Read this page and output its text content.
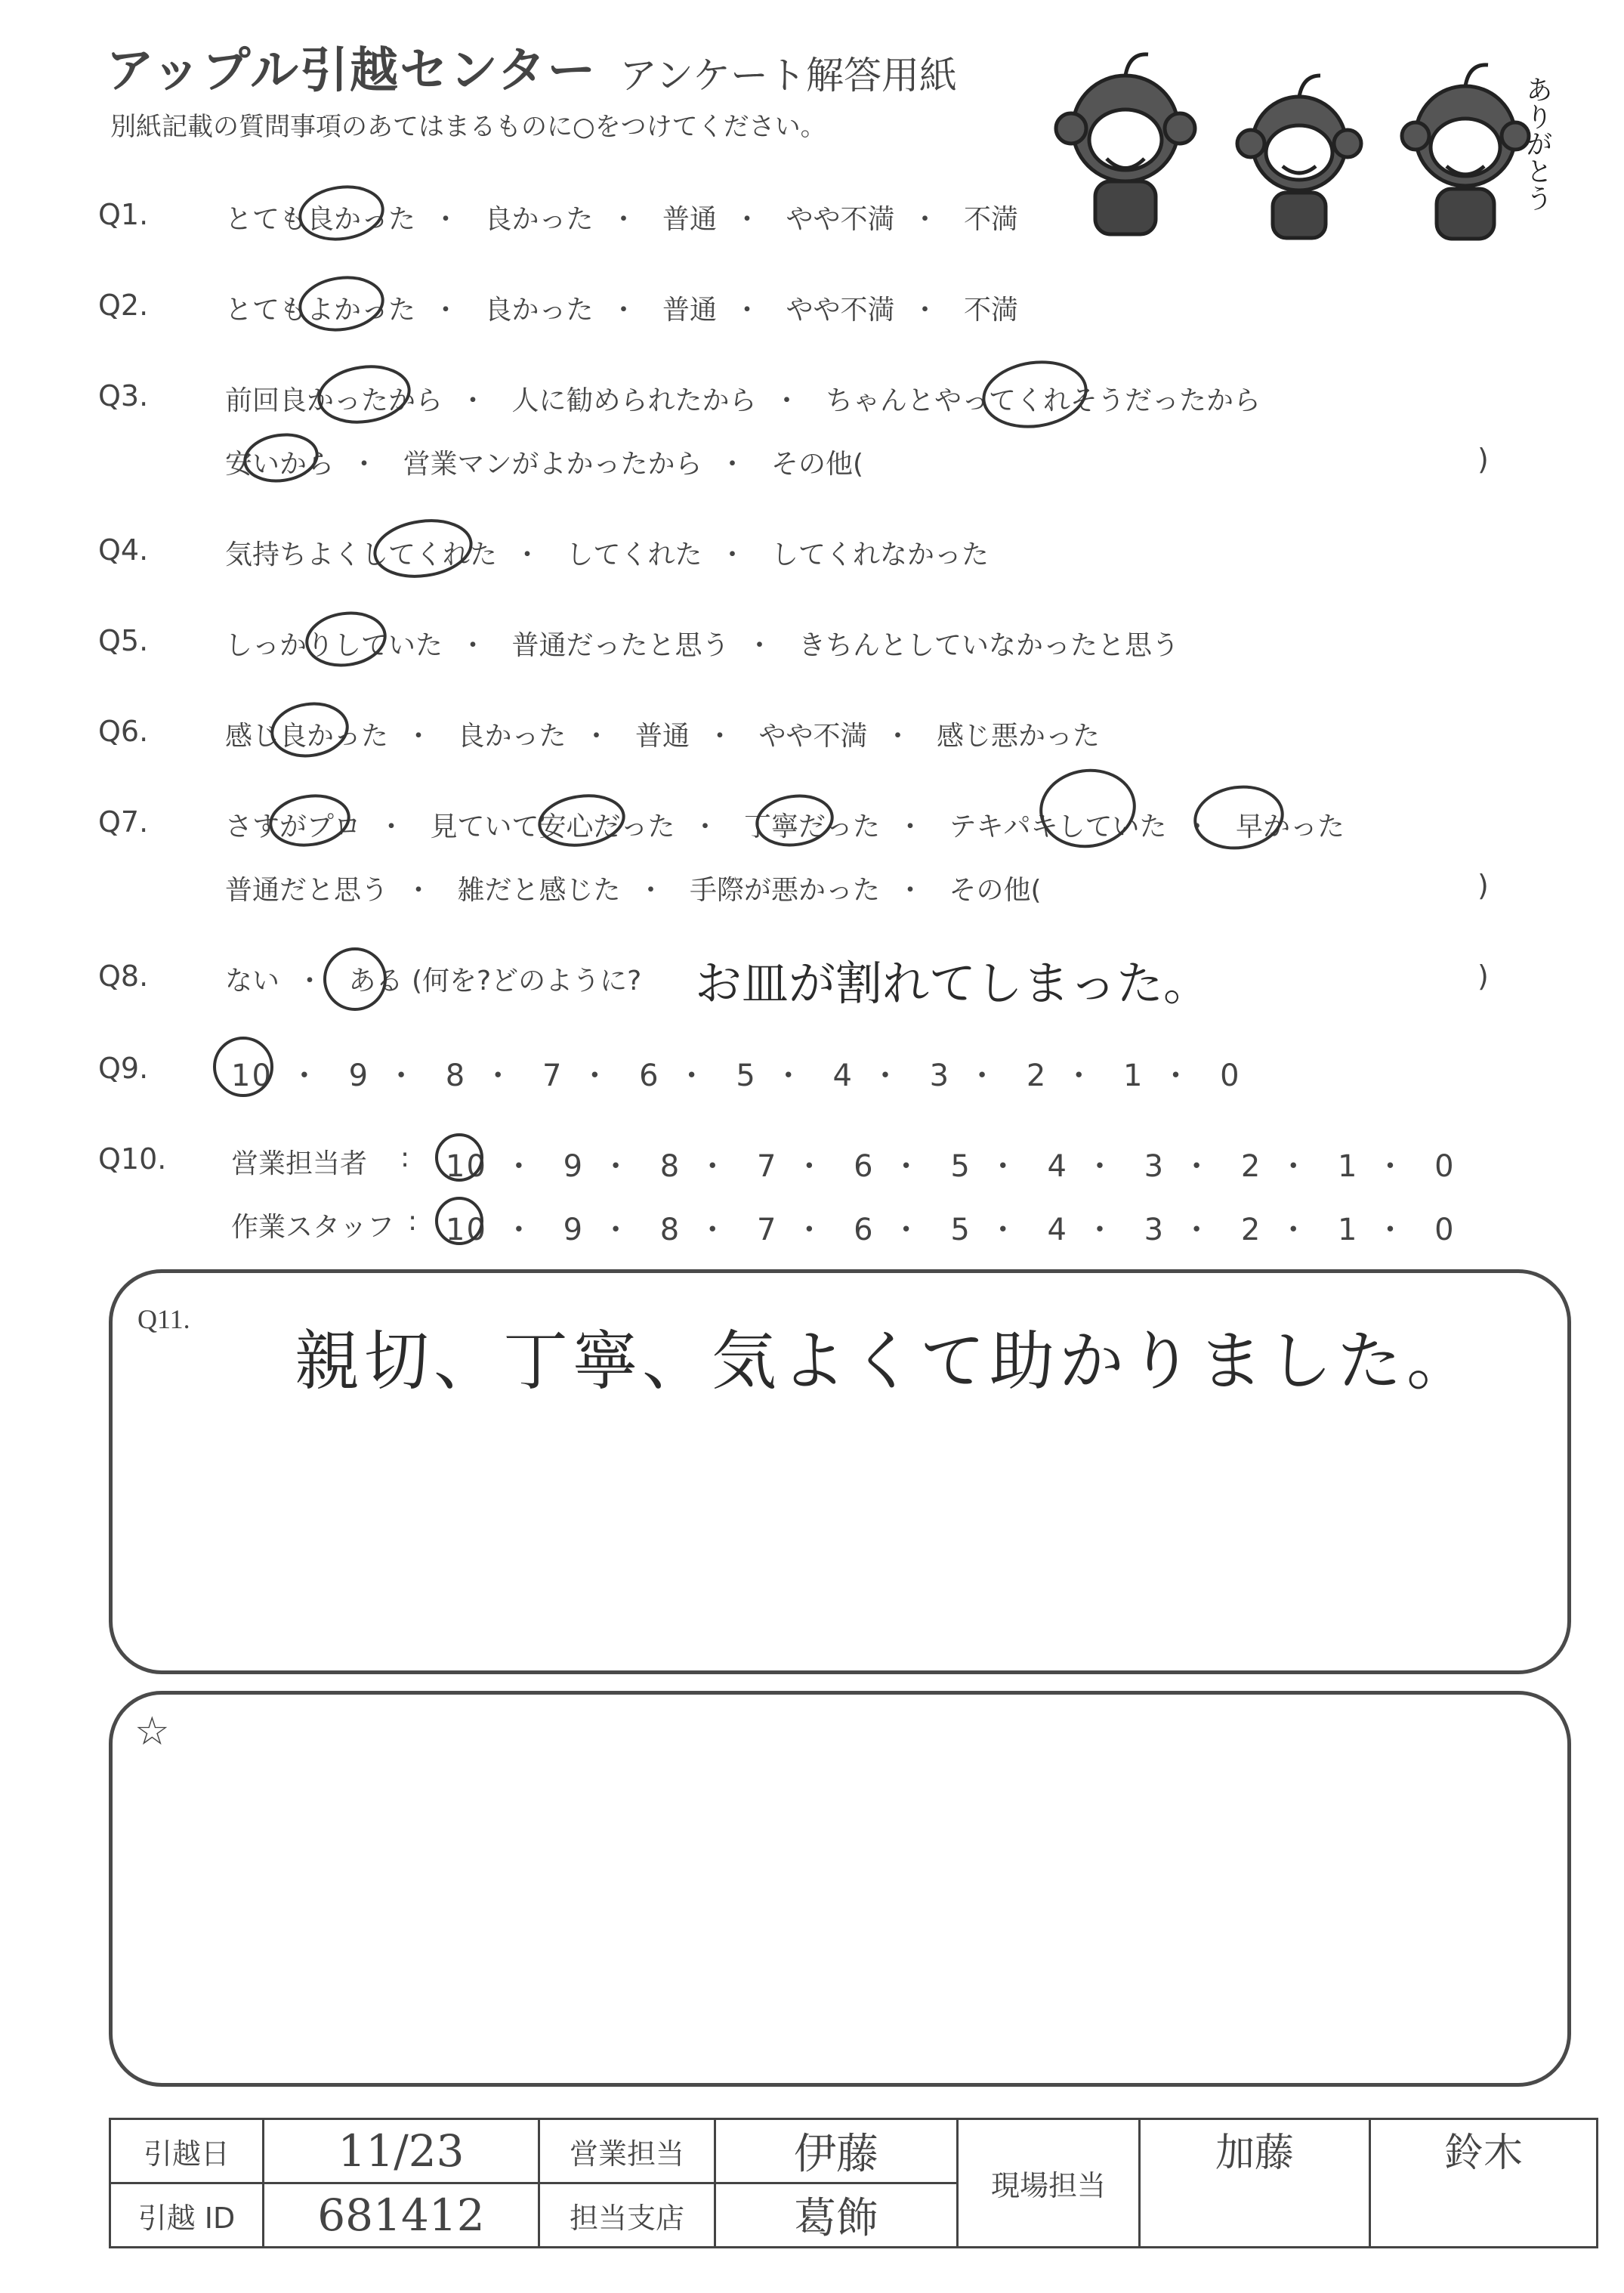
アップル引越センター アンケート解答用紙
別紙記載の質問事項のあてはまるものに○をつけてください。	ありがとう
Q1.	とても良かった ・ 良かった ・ 普通 ・ やや不満 ・ 不満
Q2.	とてもよかった ・ 良かった ・ 普通 ・ やや不満 ・ 不満
Q3.	前回良かったから ・ 人に勧められたから ・ ちゃんとやってくれそうだったから
安いから ・ 営業マンがよかったから ・ その他(	)
Q4.	気持ちよくしてくれた ・ してくれた ・ してくれなかった
Q5.	しっかりしていた ・ 普通だったと思う ・ きちんとしていなかったと思う
Q6.	感じ良かった ・ 良かった ・ 普通 ・ やや不満 ・ 感じ悪かった
Q7.	さすがプロ ・ 見ていて安心だった ・ 丁寧だった ・ テキパキしていた ・ 早かった
普通だと思う ・ 雑だと感じた ・ 手際が悪かった ・ その他(	)
Q8.	ない ・ ある (何を?どのように? お皿が割れてしまった。	)
Q9.	10 ・ 9 ・ 8 ・ 7 ・ 6 ・ 5 ・ 4 ・ 3 ・ 2 ・ 1 ・ 0
Q10. 営業担当者 : 10 ・ 9 ・ 8 ・ 7 ・ 6 ・ 5 ・ 4 ・ 3 ・ 2 ・ 1 ・ 0
作業スタッフ : 10 ・ 9 ・ 8 ・ 7 ・ 6 ・ 5 ・ 4 ・ 3 ・ 2 ・ 1 ・ 0
Q11.
親切、丁寧、気よくて助かりました。
☆
引越日	11/23	営業担当	伊藤	現場担当	加藤	鈴木
引越 ID	681412	担当支店	葛飾			
